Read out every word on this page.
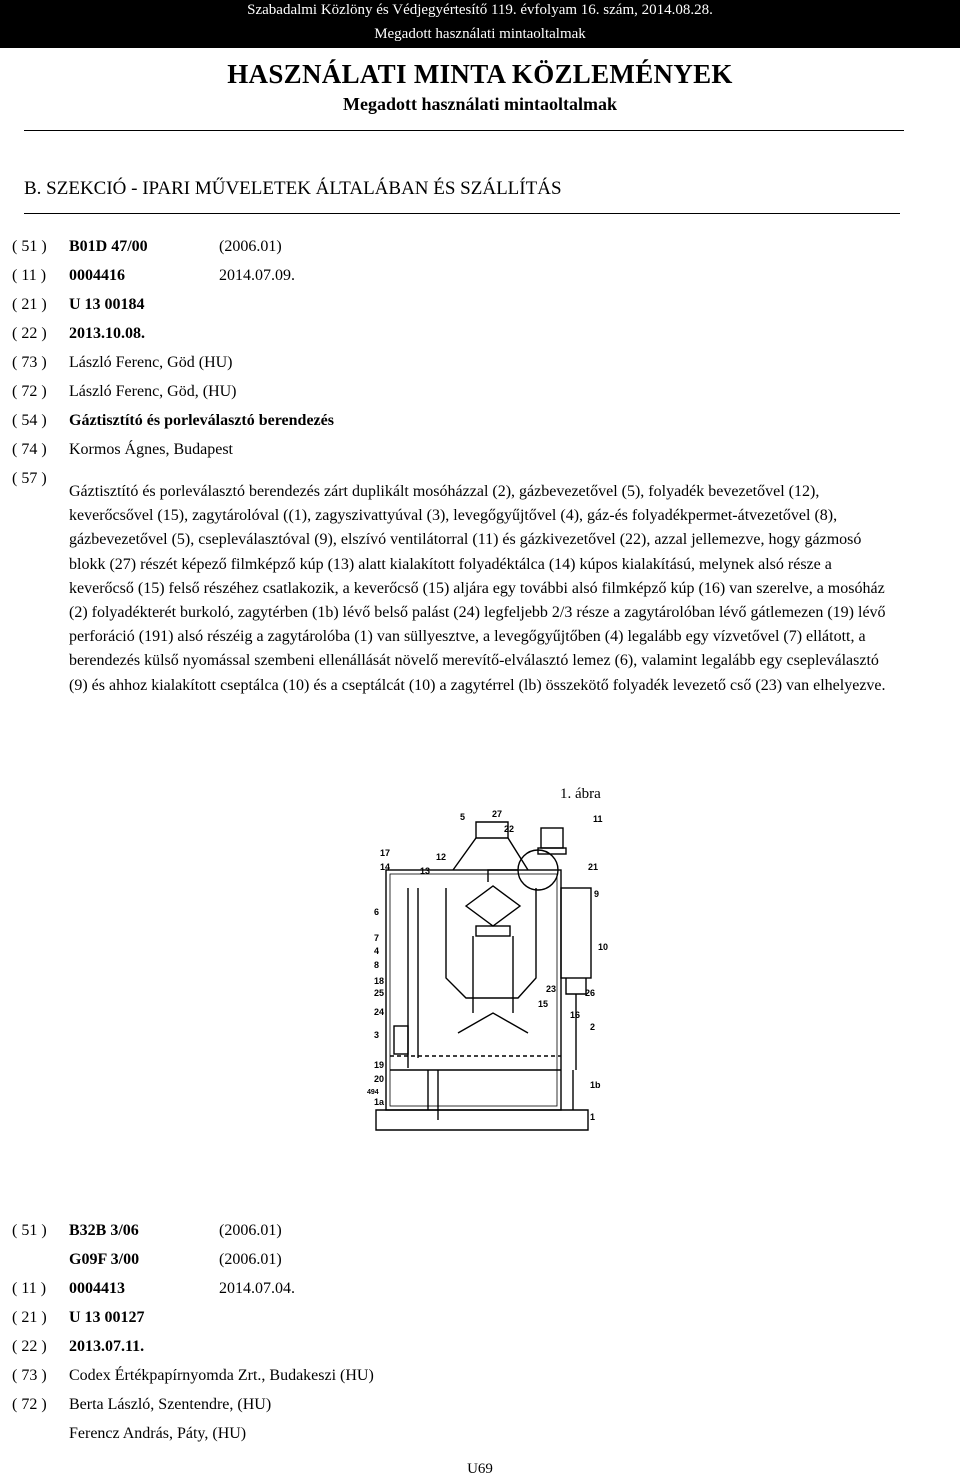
Szabadalmi Közlöny és Védjegyértesítő 119. évfolyam 16. szám, 2014.08.28.
Megadott használati mintaoltalmak
HASZNÁLATI MINTA KÖZLEMÉNYEK
Megadott használati mintaoltalmak
B. SZEKCIÓ - IPARI MŰVELETEK ÁLTALÁBAN ÉS SZÁLLÍTÁS
( 51 ) B01D 47/00	(2006.01)
( 11 ) 0004416	2014.07.09.
( 21 ) U 13 00184
( 22 ) 2013.10.08.
( 73 ) László Ferenc, Göd (HU)
( 72 ) László Ferenc, Göd, (HU)
( 54 ) Gáztisztító és porleválasztó berendezés
( 74 ) Kormos Ágnes, Budapest
( 57 )
Gáztisztító és porleválasztó berendezés zárt duplikált mosóházzal (2), gázbevezetővel (5), folyadék bevezetővel (12), keverőcsővel (15), zagytárolóval ((1), zagyszivattyúval (3), levegőgyűjtővel (4), gáz-és folyadékpermet-átvezetővel (8), gázbevezetővel (5), csepleválasztóval (9), elszívó ventilátorral (11) és gázkivezetővel (22), azzal jellemezve, hogy gázmosó blokk (27) részét képező filmképző kúp (13) alatt kialakított folyadéktálca (14) kúpos kialakítású, melynek alsó része a keverőcső (15) felső részéhez csatlakozik, a keverőcső (15) aljára egy további alsó filmképző kúp (16) van szerelve, a mosóház (2) folyadékterét burkoló, zagytérben (1b) lévő belső palást (24) legfeljebb 2/3 része a zagytárolóban lévő gátlemezen (19) lévő perforáció (191) alsó részéig a zagytárolóba (1) van süllyesztve, a levegőgyűjtőben (4) legalább egy vízvetővel (7) ellátott, a berendezés külső nyomással szembeni ellenállását növelő merevítő-elválasztó lemez (6), valamint legalább egy csepleválasztó (9) és ahhoz kialakított cseptálca (10) és a cseptálcát (10) a zagytérrel (lb) összekötő folyadék levezető cső (23) van elhelyezve.
1. ábra
5	27
22
11
17
14
12
13	21
9
6
7
4	10
8
18
25	23	26
15
24	16
2
3
19
20
494
1a
1b
1
( 51 ) B32B 3/06	(2006.01)
G09F 3/00	(2006.01)
( 11 ) 0004413	2014.07.04.
( 21 ) U 13 00127
( 22 ) 2013.07.11.
( 73 ) Codex Értékpapírnyomda Zrt., Budakeszi (HU)
( 72 ) Berta László, Szentendre, (HU)
Ferencz András, Páty, (HU)
U69
